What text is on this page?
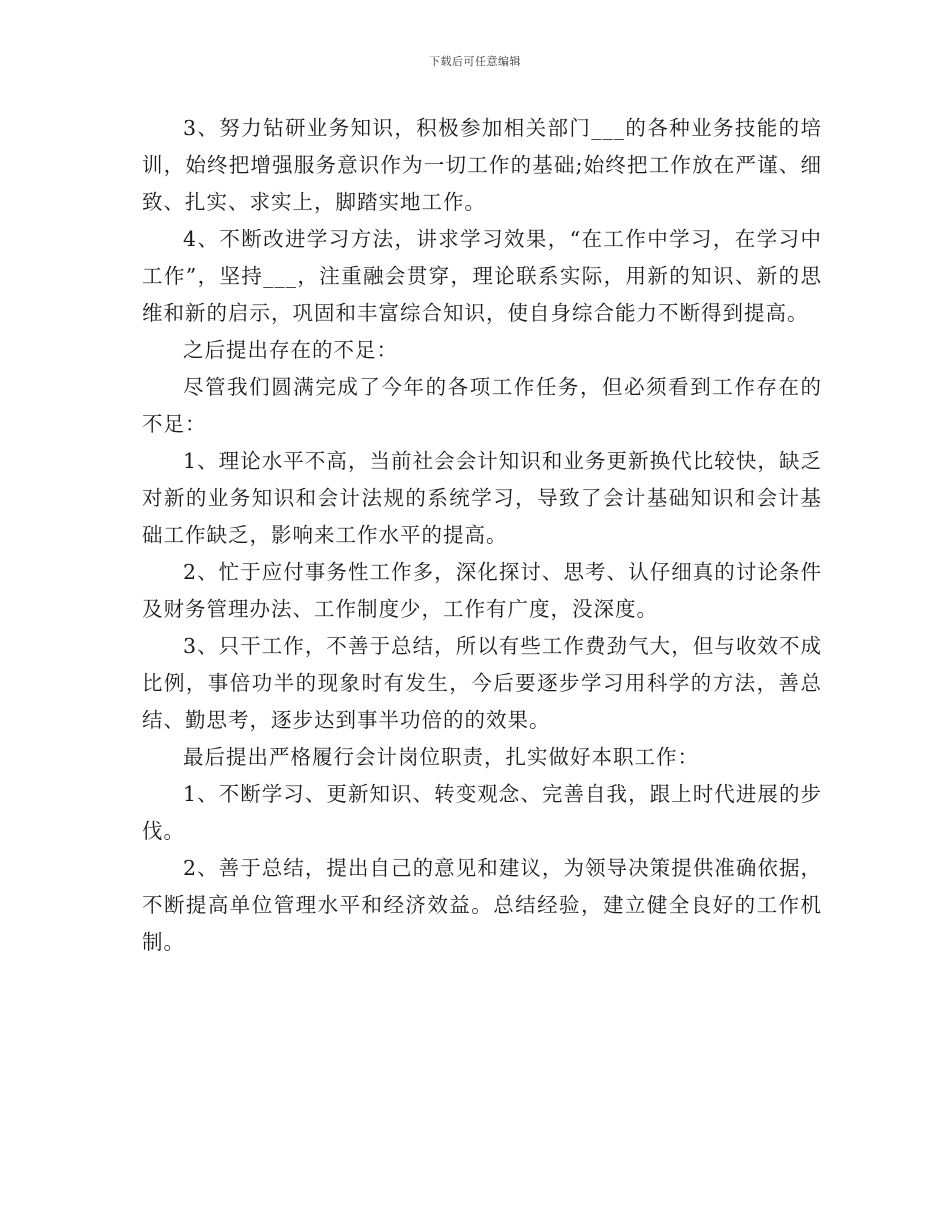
下载后可任意编辑

3、努力钻研业务知识，积极参加相关部门___的各种业务技能的培训，始终把增强服务意识作为一切工作的基础;始终把工作放在严谨、细致、扎实、求实上，脚踏实地工作。

4、不断改进学习方法，讲求学习效果，“在工作中学习，在学习中工作”，坚持___，注重融会贯穿，理论联系实际，用新的知识、新的思维和新的启示，巩固和丰富综合知识，使自身综合能力不断得到提高。

之后提出存在的不足：

尽管我们圆满完成了今年的各项工作任务，但必须看到工作存在的不足：

1、理论水平不高，当前社会会计知识和业务更新换代比较快，缺乏对新的业务知识和会计法规的系统学习，导致了会计基础知识和会计基础工作缺乏，影响来工作水平的提高。

2、忙于应付事务性工作多，深化探讨、思考、认仔细真的讨论条件及财务管理办法、工作制度少，工作有广度，没深度。

3、只干工作，不善于总结，所以有些工作费劲气大，但与收效不成比例，事倍功半的现象时有发生，今后要逐步学习用科学的方法，善总结、勤思考，逐步达到事半功倍的的效果。

最后提出严格履行会计岗位职责，扎实做好本职工作：

1、不断学习、更新知识、转变观念、完善自我，跟上时代进展的步伐。

2、善于总结，提出自己的意见和建议，为领导决策提供准确依据，不断提高单位管理水平和经济效益。总结经验，建立健全良好的工作机制。
